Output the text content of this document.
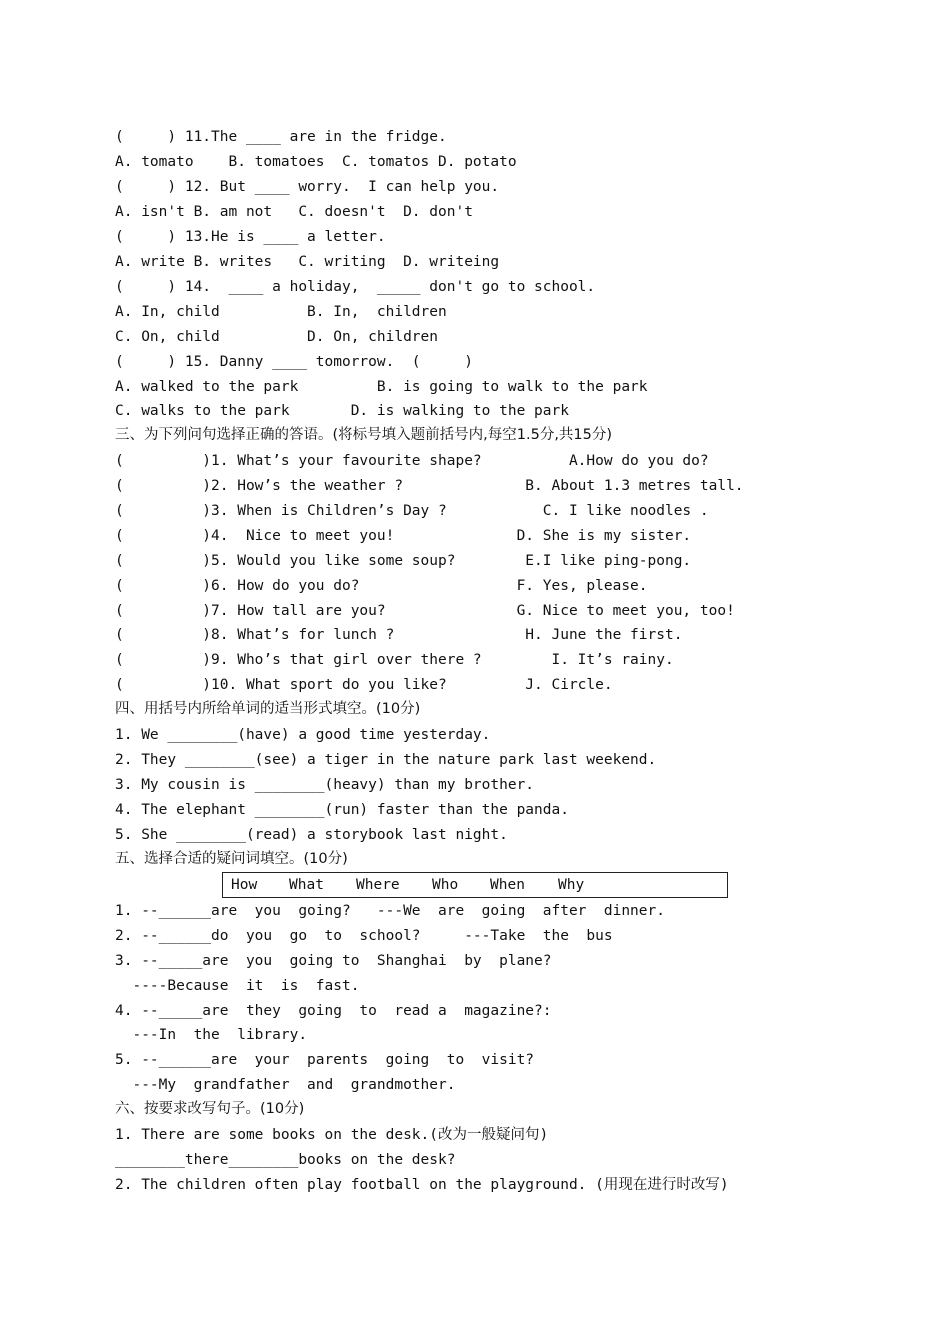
(     ) 11.The ____ are in the fridge.
A. tomato    B. tomatoes  C. tomatos D. potato
(     ) 12. But ____ worry.  I can help you.
A. isn't B. am not   C. doesn't  D. don't
(     ) 13.He is ____ a letter.
A. write B. writes   C. writing  D. writeing
(     ) 14.  ____ a holiday,  _____ don't go to school.
A. In, child          B. In,  children
C. On, child          D. On, children
(     ) 15. Danny ____ tomorrow.  (     )
A. walked to the park         B. is going to walk to the park
C. walks to the park       D. is walking to the park
三、为下列问句选择正确的答语。(将标号填入题前括号内,每空1.5分,共15分)
(         )1. What’s your favourite shape?          A.How do you do?
(         )2. How’s the weather ?              B. About 1.3 metres tall.
(         )3. When is Children’s Day ?           C. I like noodles .
(         )4.  Nice to meet you!              D. She is my sister.
(         )5. Would you like some soup?        E.I like ping-pong.
(         )6. How do you do?                  F. Yes, please.
(         )7. How tall are you?               G. Nice to meet you, too!
(         )8. What’s for lunch ?               H. June the first.
(         )9. Who’s that girl over there ?        I. It’s rainy.
(         )10. What sport do you like?         J. Circle.
四、用括号内所给单词的适当形式填空。(10分)
1. We ________(have) a good time yesterday.
2. They ________(see) a tiger in the nature park last weekend.
3. My cousin is ________(heavy) than my brother.
4. The elephant ________(run) faster than the panda.
5. She ________(read) a storybook last night.
五、选择合适的疑问词填空。(10分)
How What Where Who When Why
1. --______are  you  going?   ---We  are  going  after  dinner.
2. --______do  you  go  to  school?     ---Take  the  bus
3. --_____are  you  going to  Shanghai  by  plane?
----Because  it  is  fast.
4. --_____are  they  going  to  read a  magazine?:
---In  the  library.
5. --______are  your  parents  going  to  visit?
---My  grandfather  and  grandmother.
六、按要求改写句子。(10分)
1. There are some books on the desk.(改为一般疑问句)
________there________books on the desk?
2. The children often play football on the playground. (用现在进行时改写)
